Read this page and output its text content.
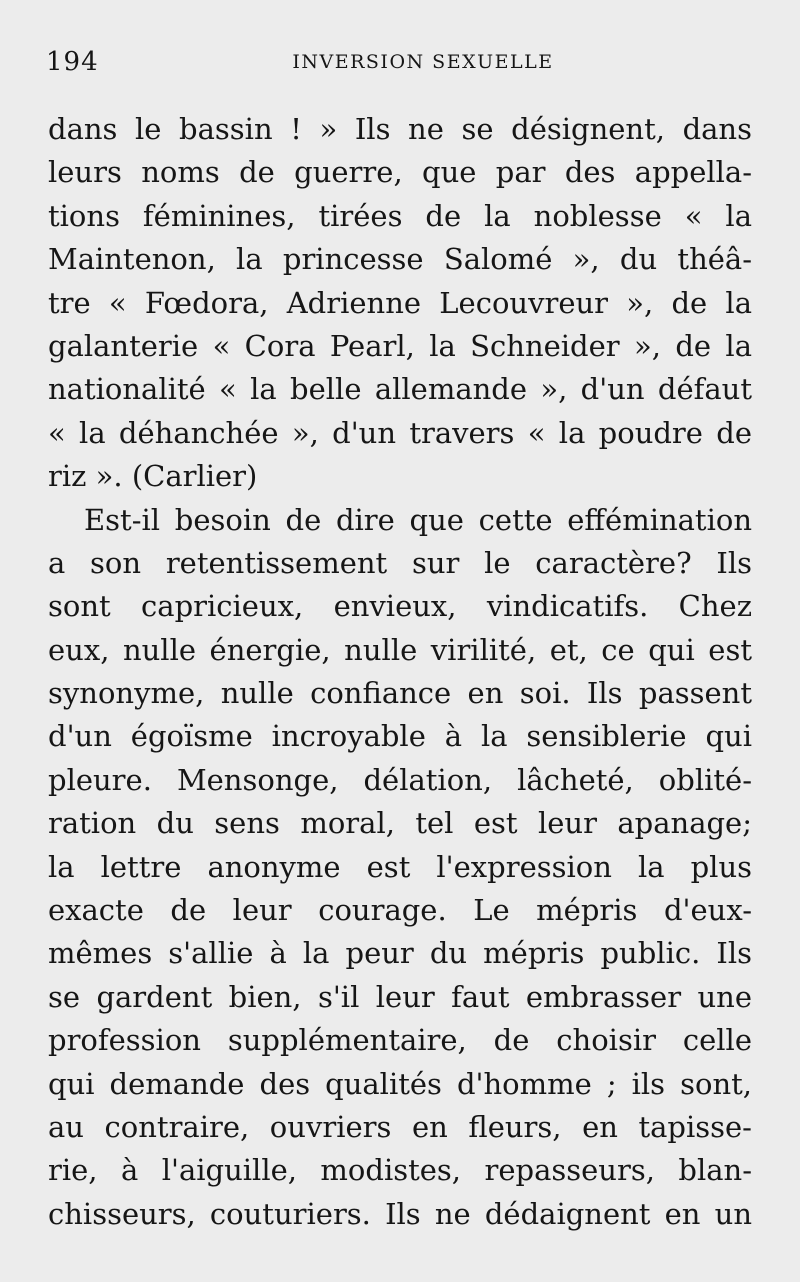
194	INVERSION SEXUELLE
dans le bassin ! » Ils ne se désignent, dans
leurs noms de guerre, que par des appella-
tions féminines, tirées de la noblesse « la
Maintenon, la princesse Salomé », du théâ-
tre « Fœdora, Adrienne Lecouvreur », de la
galanterie « Cora Pearl, la Schneider », de la
nationalité « la belle allemande », d'un défaut
« la déhanchée », d'un travers « la poudre de
riz ». (Carlier)
Est-il besoin de dire que cette effémination
a son retentissement sur le caractère? Ils
sont capricieux, envieux, vindicatifs. Chez
eux, nulle énergie, nulle virilité, et, ce qui est
synonyme, nulle confiance en soi. Ils passent
d'un égoïsme incroyable à la sensiblerie qui
pleure. Mensonge, délation, lâcheté, oblité-
ration du sens moral, tel est leur apanage;
la lettre anonyme est l'expression la plus
exacte de leur courage. Le mépris d'eux-
mêmes s'allie à la peur du mépris public. Ils
se gardent bien, s'il leur faut embrasser une
profession supplémentaire, de choisir celle
qui demande des qualités d'homme ; ils sont,
au contraire, ouvriers en fleurs, en tapisse-
rie, à l'aiguille, modistes, repasseurs, blan-
chisseurs, couturiers. Ils ne dédaignent en un
